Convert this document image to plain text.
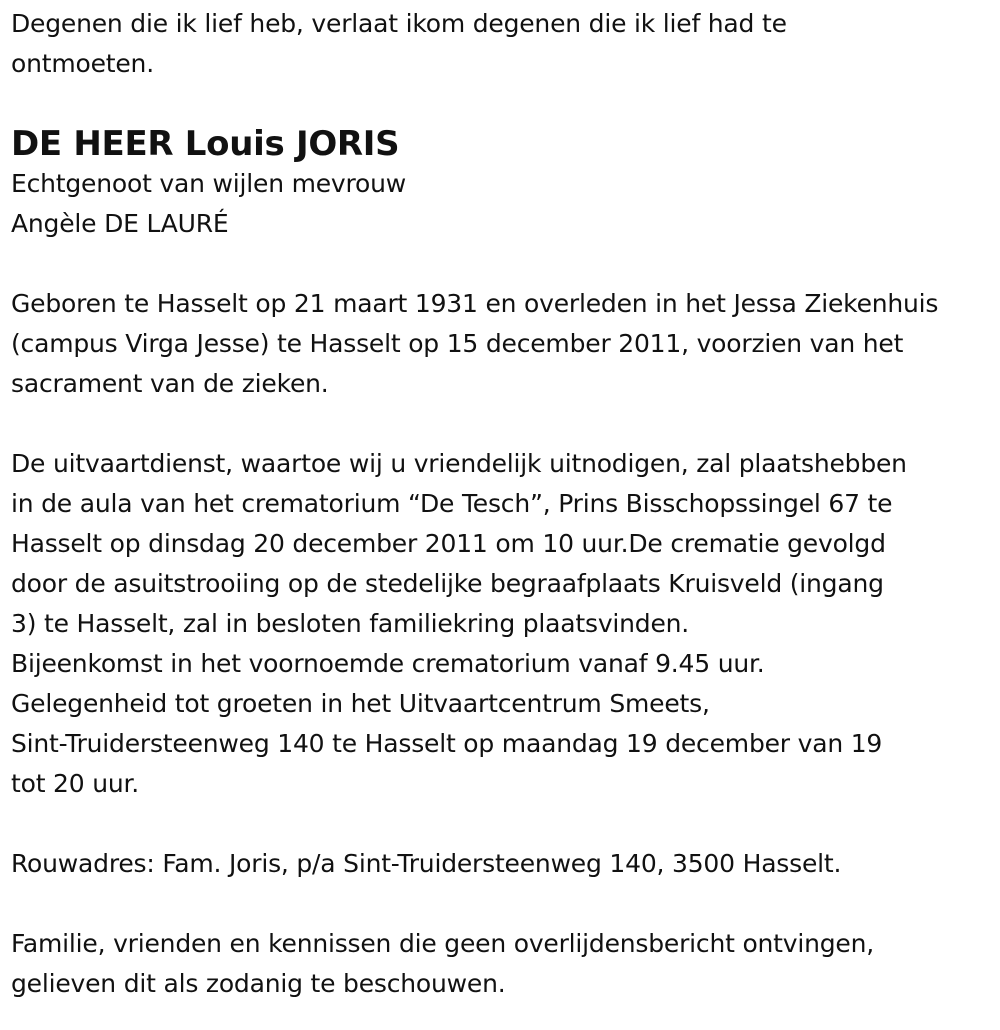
Degenen die ik lief heb, verlaat ikom degenen die ik lief had te
ontmoeten.
DE HEER Louis JORIS
Echtgenoot van wijlen mevrouw
Angèle DE LAURÉ
Geboren te Hasselt op 21 maart 1931 en overleden in het Jessa Ziekenhuis
(campus Virga Jesse) te Hasselt op 15 december 2011, voorzien van het
sacrament van de zieken.
De uitvaartdienst, waartoe wij u vriendelijk uitnodigen, zal plaatshebben
in de aula van het crematorium “De Tesch”, Prins Bisschopssingel 67 te
Hasselt op dinsdag 20 december 2011 om 10 uur.De crematie gevolgd
door de asuitstrooiing op de stedelijke begraafplaats Kruisveld (ingang
3) te Hasselt, zal in besloten familiekring plaatsvinden.
Bijeenkomst in het voornoemde crematorium vanaf 9.45 uur.
Gelegenheid tot groeten in het Uitvaartcentrum Smeets,
Sint-Truidersteenweg 140 te Hasselt op maandag 19 december van 19
tot 20 uur.
Rouwadres: Fam. Joris, p/a Sint-Truidersteenweg 140, 3500 Hasselt.
Familie, vrienden en kennissen die geen overlijdensbericht ontvingen,
gelieven dit als zodanig te beschouwen.
